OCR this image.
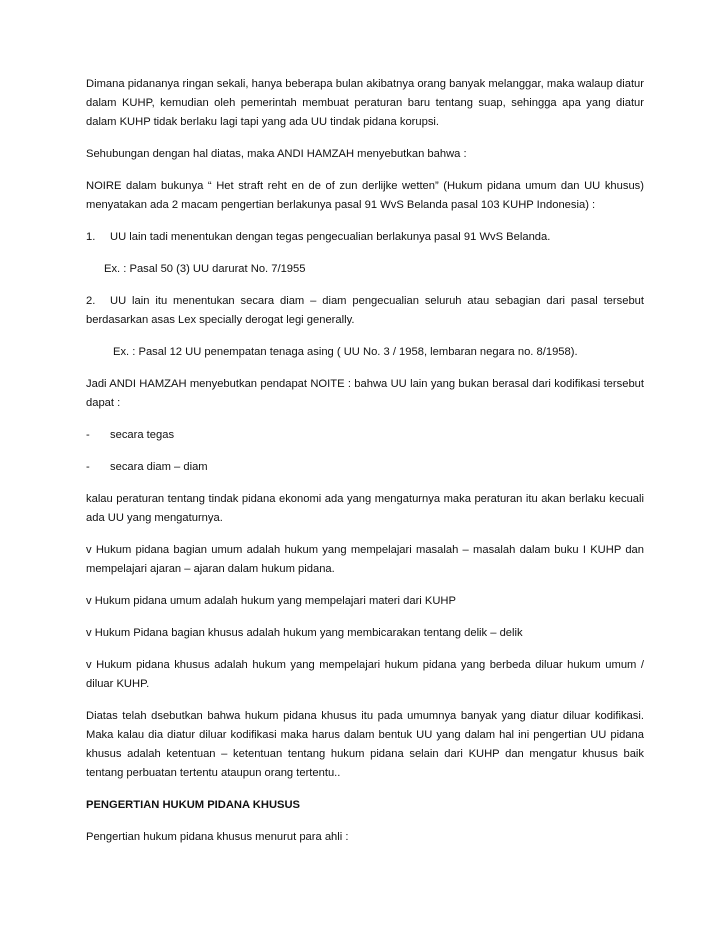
Dimana pidananya ringan sekali, hanya beberapa bulan akibatnya orang banyak melanggar, maka walaup diatur dalam KUHP, kemudian oleh pemerintah membuat peraturan baru tentang suap, sehingga apa yang diatur dalam KUHP tidak berlaku lagi tapi yang ada UU tindak pidana korupsi.

Sehubungan dengan hal diatas, maka ANDI HAMZAH menyebutkan bahwa :

NOIRE dalam bukunya “ Het straft reht en de of zun derlijke wetten” (Hukum pidana umum dan UU khusus) menyatakan ada 2 macam pengertian berlakunya pasal 91 WvS Belanda pasal 103 KUHP Indonesia) :

1. UU lain tadi menentukan dengan tegas pengecualian berlakunya pasal 91 WvS Belanda.

Ex. : Pasal 50 (3) UU darurat No. 7/1955

2. UU lain itu menentukan secara diam – diam pengecualian seluruh atau sebagian dari pasal tersebut berdasarkan asas Lex specially derogat legi generally.

Ex. : Pasal 12 UU penempatan tenaga asing ( UU No. 3 / 1958, lembaran negara no. 8/1958).

Jadi ANDI HAMZAH menyebutkan pendapat NOITE : bahwa UU lain yang bukan berasal dari kodifikasi tersebut dapat :

- secara tegas

- secara diam – diam

kalau peraturan tentang tindak pidana ekonomi ada yang mengaturnya maka peraturan itu akan berlaku kecuali ada UU yang mengaturnya.

v Hukum pidana bagian umum adalah hukum yang mempelajari masalah – masalah dalam buku I KUHP dan mempelajari ajaran – ajaran dalam hukum pidana.

v Hukum pidana umum adalah hukum yang mempelajari materi dari KUHP

v Hukum Pidana bagian khusus adalah hukum yang membicarakan tentang delik – delik

v Hukum pidana khusus adalah hukum yang mempelajari hukum pidana yang berbeda diluar hukum umum / diluar KUHP.

Diatas telah dsebutkan bahwa hukum pidana khusus itu pada umumnya banyak yang diatur diluar kodifikasi. Maka kalau dia diatur diluar kodifikasi maka harus dalam bentuk UU yang dalam hal ini pengertian UU pidana khusus adalah ketentuan – ketentuan tentang hukum pidana selain dari KUHP dan mengatur khusus baik tentang perbuatan tertentu ataupun orang tertentu..

PENGERTIAN HUKUM PIDANA KHUSUS

Pengertian hukum pidana khusus menurut para ahli :
